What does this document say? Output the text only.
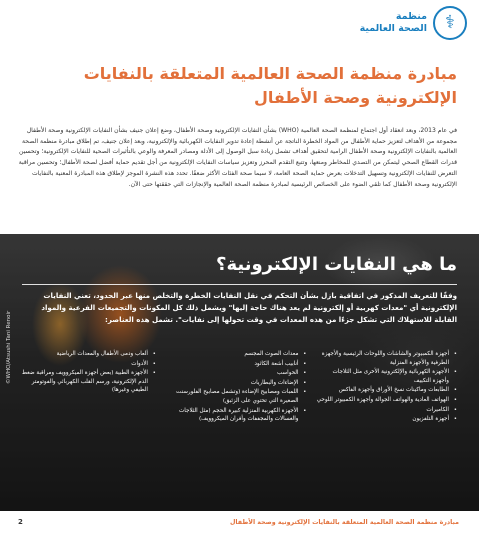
⚕
منظمة
الصحة العالمية
مبادرة منظمة الصحة العالمية المتعلقة بالنفايات الإلكترونية وصحة الأطفال

في عام 2013، وبعد انعقاد أول اجتماع لمنظمة الصحة العالمية (WHO) بشأن النفايات الإلكترونية وصحة الأطفال، وضع إعلان جنيف بشأن النفايات الإلكترونية وصحة الأطفال مجموعة من الأهداف لتعزيز حماية الأطفال من المواد الخطرة الناتجة عن أنشطة إعادة تدوير النفايات الكهربائية والإلكترونية، وبعد إعلان جنيف، تم إطلاق مبادرة منظمة الصحة العالمية بالنفايات الإلكترونية وصحة الأطفال الرامية لتحقيق أهداف تشمل زيادة سبل الوصول إلى الأدلة ومصادر المعرفة والوعي بالتأثيرات الصحية للنفايات الإلكترونية؛ وتحسين قدرات القطاع الصحي ليتمكن من التصدي للمخاطر ومنعها، وتتبع التقدم المحرز وتعزيز سياسات النفايات الإلكترونية من أجل تقديم حماية أفضل لصحة الأطفال؛ وتحسين مراقبة التعرض للنفايات الإلكترونية وتسهيل التدخلات بعرض حماية الصحة العامة، لا سيما صحة الفئات الأكثر ضعفًا. تحدد هذه النشرة الموجز لإطلاق هذه المبادرة المعنية بالنفايات الإلكترونية وصحة الأطفال كما تلقي الضوء على الخصائص الرئيسية لمبادرة منظمة الصحة العالمية والإنجازات التي حققتها حتى الآن.

©WHO/Atsushi Tani Renoir
ما هي النفايات الإلكترونية؟

وفقًا للتعريف المذكور في اتفاقية بازل بشأن التحكم في نقل النفايات الخطرة والتخلص منها عبر الحدود، تعني النفايات الإلكترونية أي "معدات كهربية أو إلكترونية لم يعد هناك حاجة إليها" ويشمل ذلك كل المكونات والتجميعات الفرعية والمواد القابلة للاستهلاك التي تشكل جزءًا من هذه المعدات في وقت تحولها إلى نفايات". تشمل هذه العناصر:

• أجهزة الكمبيوتر والشاشات واللوحات الرئيسية والأجهزة الطرفية والأجهزة المنزلية
• الأجهزة الكهربائية والإلكترونية الأخرى مثل الثلاجات وأجهزة التكييف
• الطابعات وماكينات نسخ الأوراق وأجهزة الفاكس
• الهواتف العادية والهواتف الجوالة وأجهزة الكمبيوتر اللوحي
• الكاميرات
• أجهزة التلفزيون
• معدات الصوت المجسم
• أنابيب أشعة الكاثود
• الحواسب
• الإضاءات والبطاريات
• اللمبات ومصابيح الإضاءة (وتشمل مصابيح الفلورسنت الصغيرة التي تحتوي على الزئبق)
• الأجهزة الكهربية المنزلية كبيرة الحجم (مثل الثلاجات والغسالات والمجففات وأفران الميكروويف)
• ألعاب ودمى الأطفال والمعدات الرياضية
• الأدوات
• الأجهزة الطبية (بعض أجهزة الميكروويف ومراقبة ضغط الدم الإلكترونية، ورسم القلب الكهربائي والفوتومتر الطيفي وغيرها)
2	مبادرة منظمة الصحة العالمية المتعلقة بالنفايات الإلكترونية وصحة الأطفال
